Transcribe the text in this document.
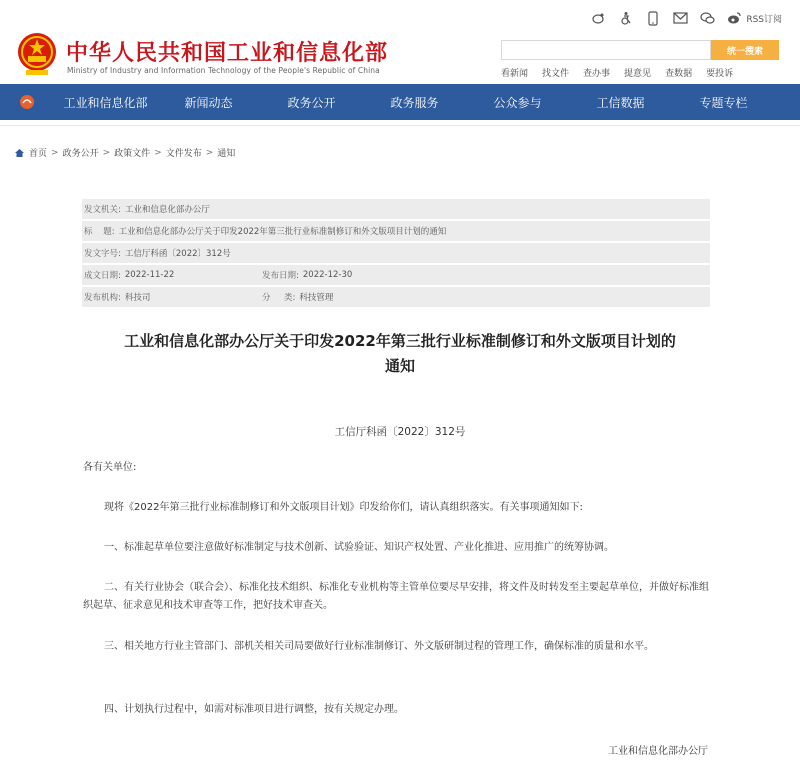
中华人民共和国工业和信息化部
Ministry of Industry and Information Technology of the People's Republic of China
RSS订阅
统一搜索
看新闻 找文件 查办事 提意见 查数据 要投诉
工业和信息化部	新闻动态	政务公开	政务服务	公众参与	工信数据	专题专栏
首页 > 政务公开 > 政策文件 > 文件发布 > 通知
发文机关: 工业和信息化部办公厅
标    题: 工业和信息化部办公厅关于印发2022年第三批行业标准制修订和外文版项目计划的通知
发文字号: 工信厅科函〔2022〕312号
成文日期: 2022-11-22	发布日期: 2022-12-30
发布机构: 科技司	分     类: 科技管理
工业和信息化部办公厅关于印发2022年第三批行业标准制修订和外文版项目计划的
通知
工信厅科函〔2022〕312号
各有关单位:
现将《2022年第三批行业标准制修订和外文版项目计划》印发给你们，请认真组织落实。有关事项通知如下:
一、标准起草单位要注意做好标准制定与技术创新、试验验证、知识产权处置、产业化推进、应用推广的统筹协调。
二、有关行业协会（联合会）、标准化技术组织、标准化专业机构等主管单位要尽早安排，将文件及时转发至主要起草单位，并做好标准组织起草、征求意见和技术审查等工作，把好技术审查关。
三、相关地方行业主管部门、部机关相关司局要做好行业标准制修订、外文版研制过程的管理工作，确保标准的质量和水平。
四、计划执行过程中，如需对标准项目进行调整，按有关规定办理。
工业和信息化部办公厅
